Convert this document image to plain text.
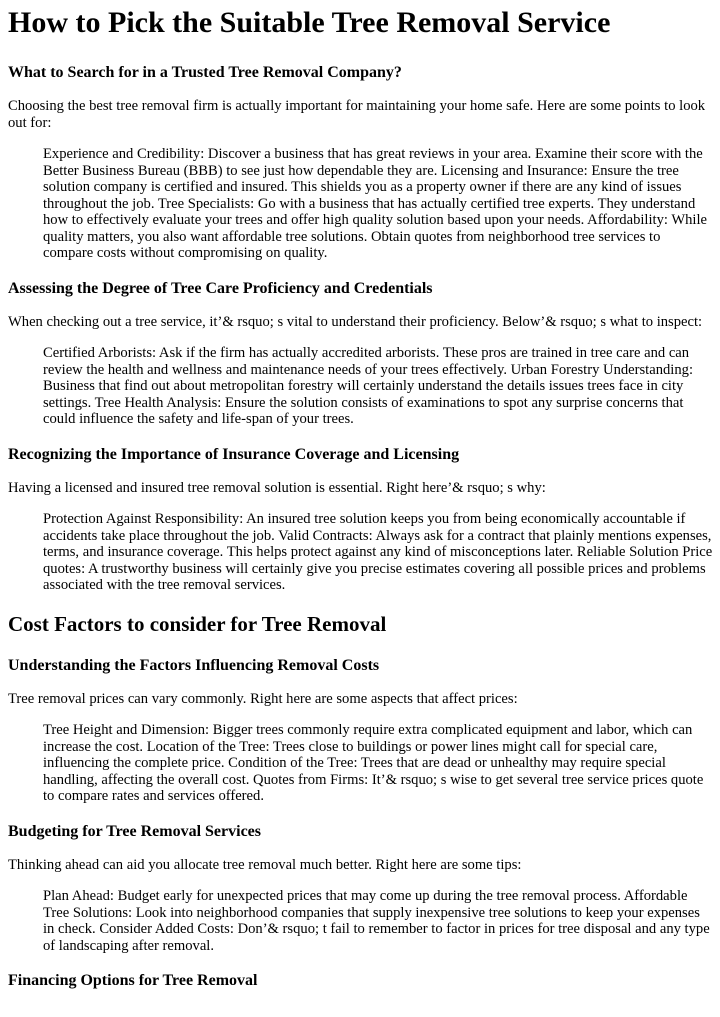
How to Pick the Suitable Tree Removal Service
What to Search for in a Trusted Tree Removal Company?

Choosing the best tree removal firm is actually important for maintaining your home safe. Here are some points to look out for:

Experience and Credibility: Discover a business that has great reviews in your area. Examine their score with the Better Business Bureau (BBB) to see just how dependable they are. Licensing and Insurance: Ensure the tree solution company is certified and insured. This shields you as a property owner if there are any kind of issues throughout the job. Tree Specialists: Go with a business that has actually certified tree experts. They understand how to effectively evaluate your trees and offer high quality solution based upon your needs. Affordability: While quality matters, you also want affordable tree solutions. Obtain quotes from neighborhood tree services to compare costs without compromising on quality.
Assessing the Degree of Tree Care Proficiency and Credentials

When checking out a tree service, it’& rsquo; s vital to understand their proficiency. Below’& rsquo; s what to inspect:

Certified Arborists: Ask if the firm has actually accredited arborists. These pros are trained in tree care and can review the health and wellness and maintenance needs of your trees effectively. Urban Forestry Understanding: Business that find out about metropolitan forestry will certainly understand the details issues trees face in city settings. Tree Health Analysis: Ensure the solution consists of examinations to spot any surprise concerns that could influence the safety and life-span of your trees.
Recognizing the Importance of Insurance Coverage and Licensing

Having a licensed and insured tree removal solution is essential. Right here’& rsquo; s why:

Protection Against Responsibility: An insured tree solution keeps you from being economically accountable if accidents take place throughout the job. Valid Contracts: Always ask for a contract that plainly mentions expenses, terms, and insurance coverage. This helps protect against any kind of misconceptions later. Reliable Solution Price quotes: A trustworthy business will certainly give you precise estimates covering all possible prices and problems associated with the tree removal services.
Cost Factors to consider for Tree Removal
Understanding the Factors Influencing Removal Costs

Tree removal prices can vary commonly. Right here are some aspects that affect prices:

Tree Height and Dimension: Bigger trees commonly require extra complicated equipment and labor, which can increase the cost. Location of the Tree: Trees close to buildings or power lines might call for special care, influencing the complete price. Condition of the Tree: Trees that are dead or unhealthy may require special handling, affecting the overall cost. Quotes from Firms: It’& rsquo; s wise to get several tree service prices quote to compare rates and services offered.
Budgeting for Tree Removal Services

Thinking ahead can aid you allocate tree removal much better. Right here are some tips:

Plan Ahead: Budget early for unexpected prices that may come up during the tree removal process. Affordable Tree Solutions: Look into neighborhood companies that supply inexpensive tree solutions to keep your expenses in check. Consider Added Costs: Don’& rsquo; t fail to remember to factor in prices for tree disposal and any type of landscaping after removal.
Financing Options for Tree Removal
